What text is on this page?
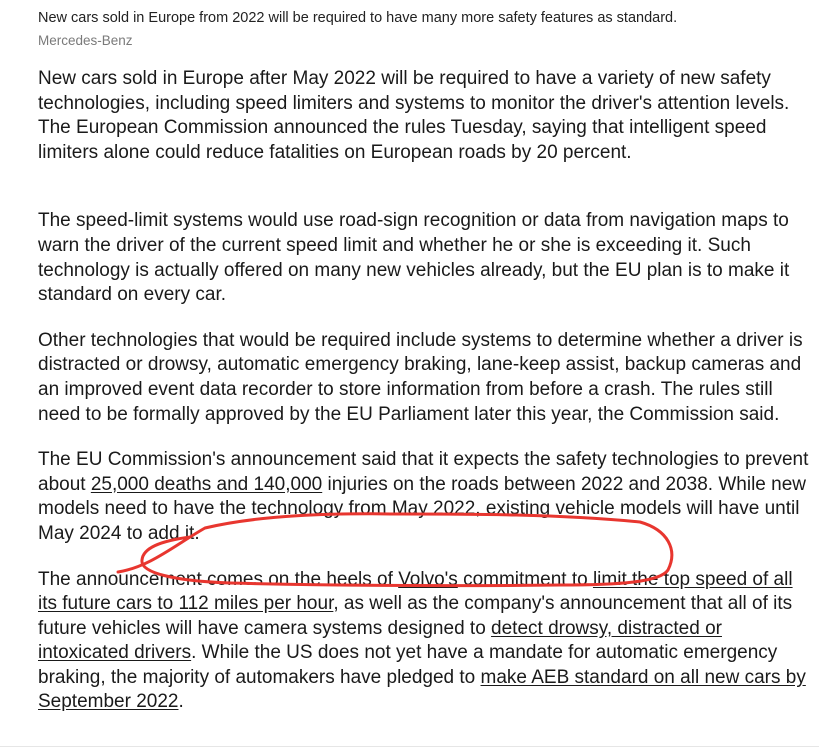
New cars sold in Europe from 2022 will be required to have many more safety features as standard.
Mercedes-Benz

New cars sold in Europe after May 2022 will be required to have a variety of new safety technologies, including speed limiters and systems to monitor the driver's attention levels. The European Commission announced the rules Tuesday, saying that intelligent speed limiters alone could reduce fatalities on European roads by 20 percent.

The speed-limit systems would use road-sign recognition or data from navigation maps to warn the driver of the current speed limit and whether he or she is exceeding it. Such technology is actually offered on many new vehicles already, but the EU plan is to make it standard on every car.

Other technologies that would be required include systems to determine whether a driver is distracted or drowsy, automatic emergency braking, lane-keep assist, backup cameras and an improved event data recorder to store information from before a crash. The rules still need to be formally approved by the EU Parliament later this year, the Commission said.

The EU Commission's announcement said that it expects the safety technologies to prevent about 25,000 deaths and 140,000 injuries on the roads between 2022 and 2038. While new models need to have the technology from May 2022, existing vehicle models will have until May 2024 to add it.

The announcement comes on the heels of Volvo's commitment to limit the top speed of all its future cars to 112 miles per hour, as well as the company's announcement that all of its future vehicles will have camera systems designed to detect drowsy, distracted or intoxicated drivers. While the US does not yet have a mandate for automatic emergency braking, the majority of automakers have pledged to make AEB standard on all new cars by September 2022.
